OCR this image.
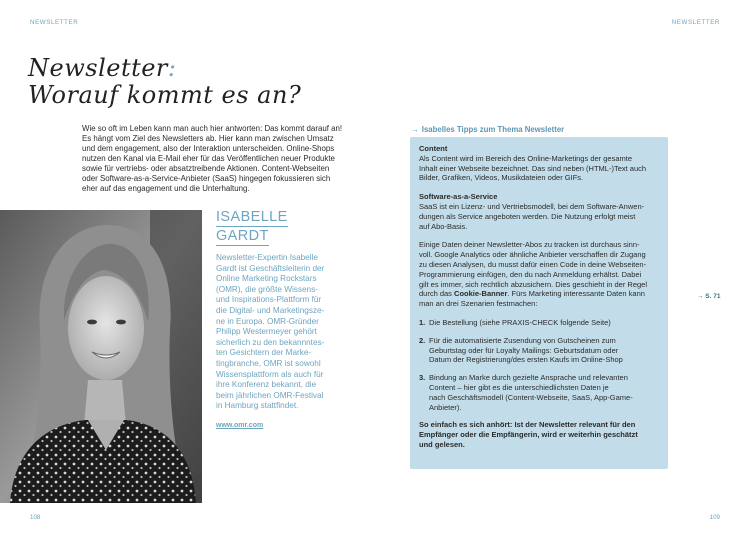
NEWSLETTER	NEWSLETTER
108	109
Newsletter:
Worauf kommt es an?
Wie so oft im Leben kann man auch hier antworten: Das kommt darauf an!
Es hängt vom Ziel des Newsletters ab. Hier kann man zwischen Umsatz
und dem engagement, also der Interaktion unterscheiden. Online-Shops
nutzen den Kanal via E-Mail eher für das Veröffentlichen neuer Produkte
sowie für vertriebs- oder absatztreibende Aktionen. Content-Webseiten
oder Software-as-a-Service-Anbieter (SaaS) hingegen fokussieren sich
eher auf das engagement und die Unterhaltung.
ISABELLE
GARDT
Newsletter-Expertin Isabelle
Gardt ist Geschäftsleiterin der
Online Marketing Rockstars
(OMR), die größte Wissens-
und Inspirations-Plattform für
die Digital- und Marketingsze-
ne in Europa. OMR-Gründer
Philipp Westermeyer gehört
sicherlich zu den bekannntes-
ten Gesichtern der Marke-
tingbranche, OMR ist sowohl
Wissensplattform als auch für
ihre Konferenz bekannt, die
beim jährlichen OMR-Festival
in Hamburg stattfindet.
www.omr.com
→ Isabelles Tipps zum Thema Newsletter
Content
Als Content wird im Bereich des Online-Marketings der gesamte
Inhalt einer Webseite bezeichnet. Das sind neben (HTML-)Text auch
Bilder, Grafiken, Videos, Musikdateien oder GIFs.
Software-as-a-Service
SaaS ist ein Lizenz- und Vertriebsmodell, bei dem Software-Anwen-
dungen als Service angeboten werden. Die Nutzung erfolgt meist
auf Abo-Basis.
Einige Daten deiner Newsletter-Abos zu tracken ist durchaus sinn-
voll. Google Analytics oder ähnliche Anbieter verschaffen dir Zugang
zu diesen Analysen, du musst dafür einen Code in deine Webseiten-
Programmierung einfügen, den du nach Anmeldung erhältst. Dabei
gilt es immer, sich rechtlich abzusichern. Dies geschieht in der Regel
durch das Cookie-Banner. Fürs Marketing interessante Daten kann
man an drei Szenarien festmachen:
1. Die Bestellung (siehe PRAXIS-CHECK folgende Seite)
2. Für die automatisierte Zusendung von Gutscheinen zum
Geburtstag oder für Loyalty Mailings: Geburtsdatum oder
Datum der Registrierung/des ersten Kaufs im Online-Shop
3. Bindung an Marke durch gezielte Ansprache und relevanten
Content – hier gibt es die unterschiedlichsten Daten je
nach Geschäftsmodell (Content-Webseite, SaaS, App-Game-
Anbieter).
So einfach es sich anhört: Ist der Newsletter relevant für den
Empfänger oder die Empfängerin, wird er weiterhin geschätzt
und gelesen.
→ S. 71
